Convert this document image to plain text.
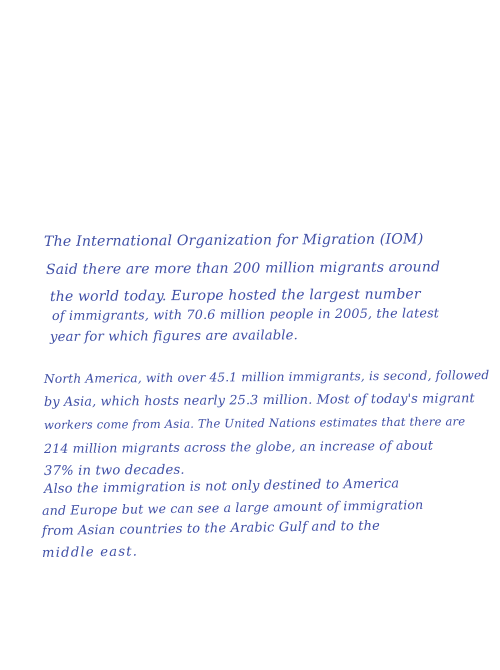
The International Organization for Migration (IOM)
Said there are more than 200 million migrants around
the world today. Europe hosted the largest number
of immigrants, with 70.6 million people in 2005, the latest
year for which figures are available.
North America, with over 45.1 million immigrants, is second, followed
by Asia, which hosts nearly 25.3 million. Most of today's migrant
workers come from Asia. The United Nations estimates that there are
214 million migrants across the globe, an increase of about
37% in two decades.
Also the immigration is not only destined to America
and Europe but we can see a large amount of immigration
from Asian countries to the Arabic Gulf and to the
middle east.
